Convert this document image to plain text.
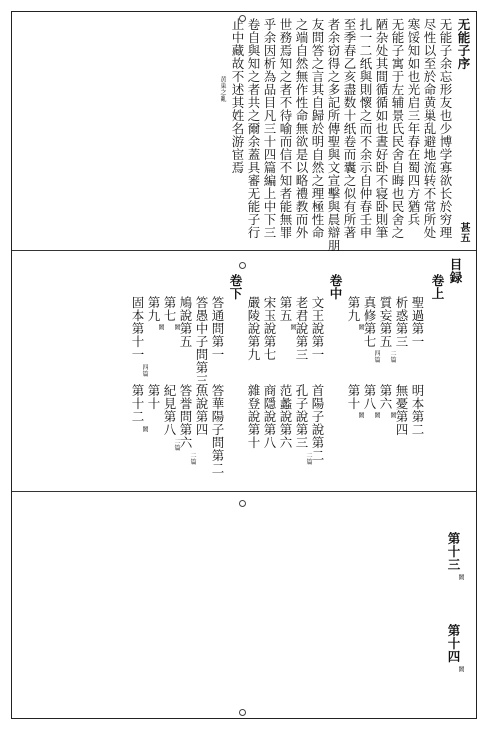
无能子序
甚五
无能子余忘形友也少博学寡欲长於穷理
尽性以至於命黄巢乱避地流转不常所处
寒馁知如也光启三年春在蜀四方猶兵
无能子寓于左辅景氏民舍自晦也民舍之
陋杂处其間循循如也晝好卧不寝卧則筆
扎一二纸與則懷之而不余示自仲春壬申
至季春乙亥盡数十纸卷而囊之似有所著
者余窃得之多記所傳聖與文宣擊與晨辯朋
友問答之言其自歸於明自然之理極性命
之端自然無作性命無欲是以略禮教而外
世務焉知之者不待喻而信不知者能無罪
乎余因析為品目凡三十四篇編上中下三
卷自與知之者共之爾余蓋具審无能子行
止中藏故不述其姓名游宦焉
黄巢之亂
目録
卷上
聖過第一
明本第二
析惑第三
無憂第四
質妄第五
二篇
第六
闕
真修第七
四篇
第八
闕
第九
闕
第十
闕
卷中
文王說第一
首陽子說第二
老君說第三
孔子說第三
二篇
第五
闕
范蠡說第六
宋玉說第七
商隱說第八
嚴陵說第九
雜登說第十
卷下
答通問第一
答華陽子問第二
答愚中子問第三
魚說第四
鳩說第五
答誉問第六
二篇
第七
闕
紀見第八
二篇
第九
闕
第十
固本第十一
四篇
第十二
闕
第十三
闕
第十四
闕
